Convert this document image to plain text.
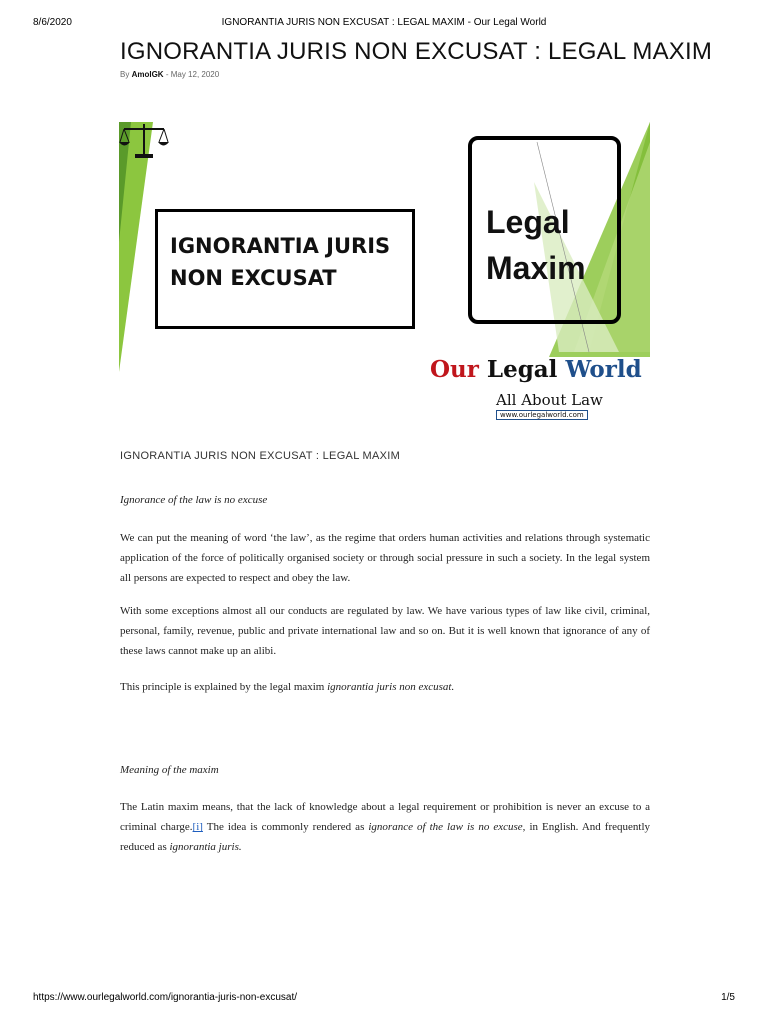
8/6/2020	IGNORANTIA JURIS NON EXCUSAT : LEGAL MAXIM - Our Legal World
IGNORANTIA JURIS NON EXCUSAT : LEGAL MAXIM
By AmolGK - May 12, 2020
IGNORANTIA JURIS
NON EXCUSAT
Legal
Maxim
Our Legal World
All About Law
www.ourlegalworld.com
IGNORANTIA JURIS NON EXCUSAT : LEGAL MAXIM

Ignorance of the law is no excuse

We can put the meaning of word ‘the law’, as the regime that orders human activities and relations through systematic application of the force of politically organised society or through social pressure in such a society. In the legal system all persons are expected to respect and obey the law.

With some exceptions almost all our conducts are regulated by law. We have various types of law like civil, criminal, personal, family, revenue, public and private international law and so on. But it is well known that ignorance of any of these laws cannot make up an alibi.

This principle is explained by the legal maxim ignorantia juris non excusat.

Meaning of the maxim

The Latin maxim means, that the lack of knowledge about a legal requirement or prohibition is never an excuse to a criminal charge.[i] The idea is commonly rendered as ignorance of the law is no excuse, in English. And frequently reduced as ignorantia juris.

https://www.ourlegalworld.com/ignorantia-juris-non-excusat/	1/5
